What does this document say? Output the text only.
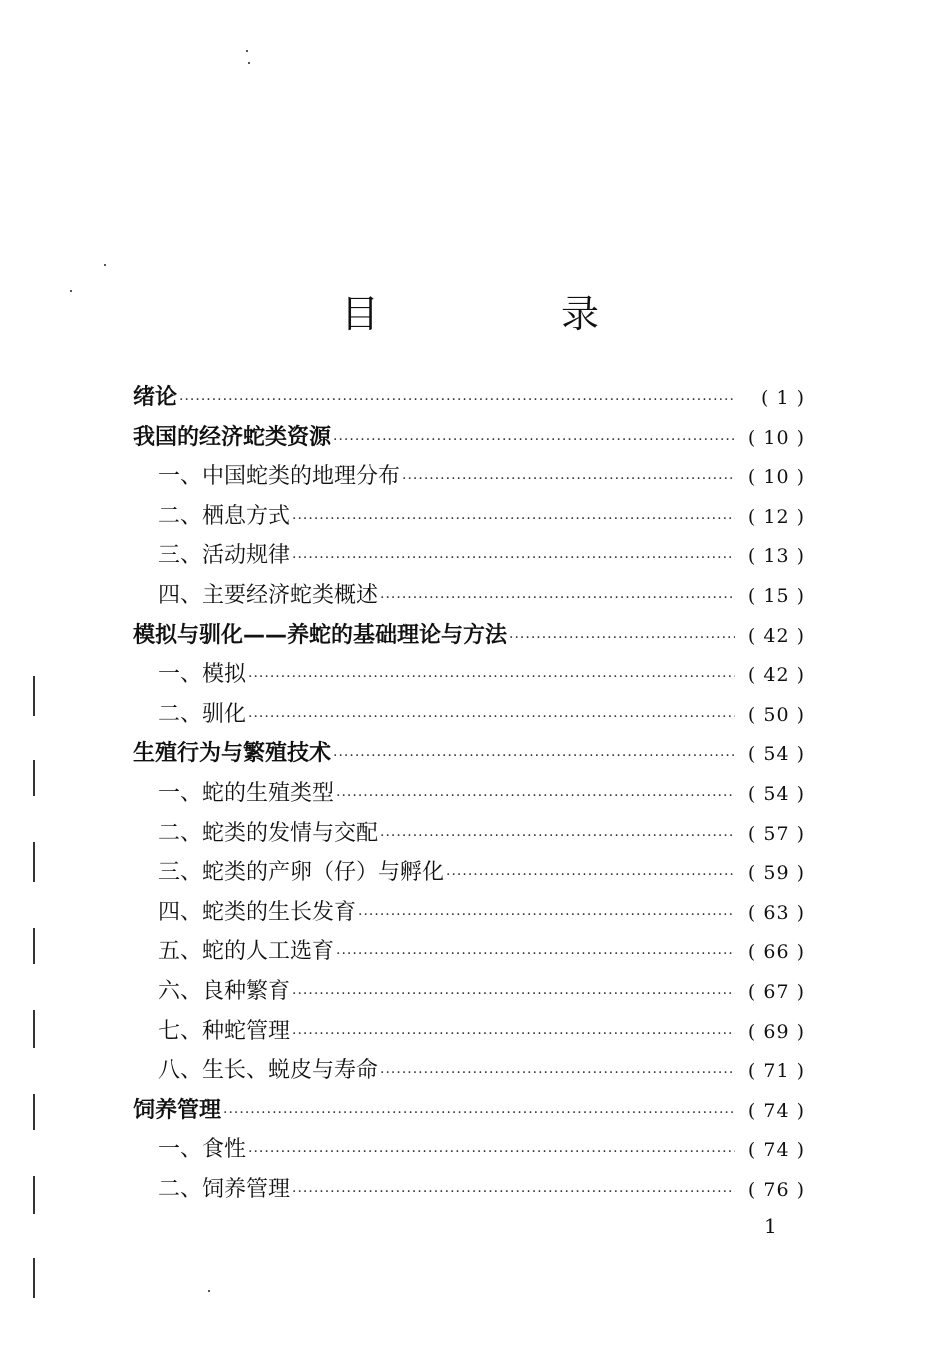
目　录
绪论 ·····	( 1 )
我国的经济蛇类资源 ·····	( 10 )
一、中国蛇类的地理分布 ·····	( 10 )
二、栖息方式 ·····	( 12 )
三、活动规律 ·····	( 13 )
四、主要经济蛇类概述 ·····	( 15 )
模拟与驯化——养蛇的基础理论与方法 ·····	( 42 )
一、模拟 ·····	( 42 )
二、驯化 ·····	( 50 )
生殖行为与繁殖技术 ·····	( 54 )
一、蛇的生殖类型 ·····	( 54 )
二、蛇类的发情与交配 ·····	( 57 )
三、蛇类的产卵（仔）与孵化 ·····	( 59 )
四、蛇类的生长发育 ·····	( 63 )
五、蛇的人工选育 ·····	( 66 )
六、良种繁育 ·····	( 67 )
七、种蛇管理 ·····	( 69 )
八、生长、蜕皮与寿命 ·····	( 71 )
饲养管理 ·····	( 74 )
一、食性 ·····	( 74 )
二、饲养管理 ·····	( 76 )
1
